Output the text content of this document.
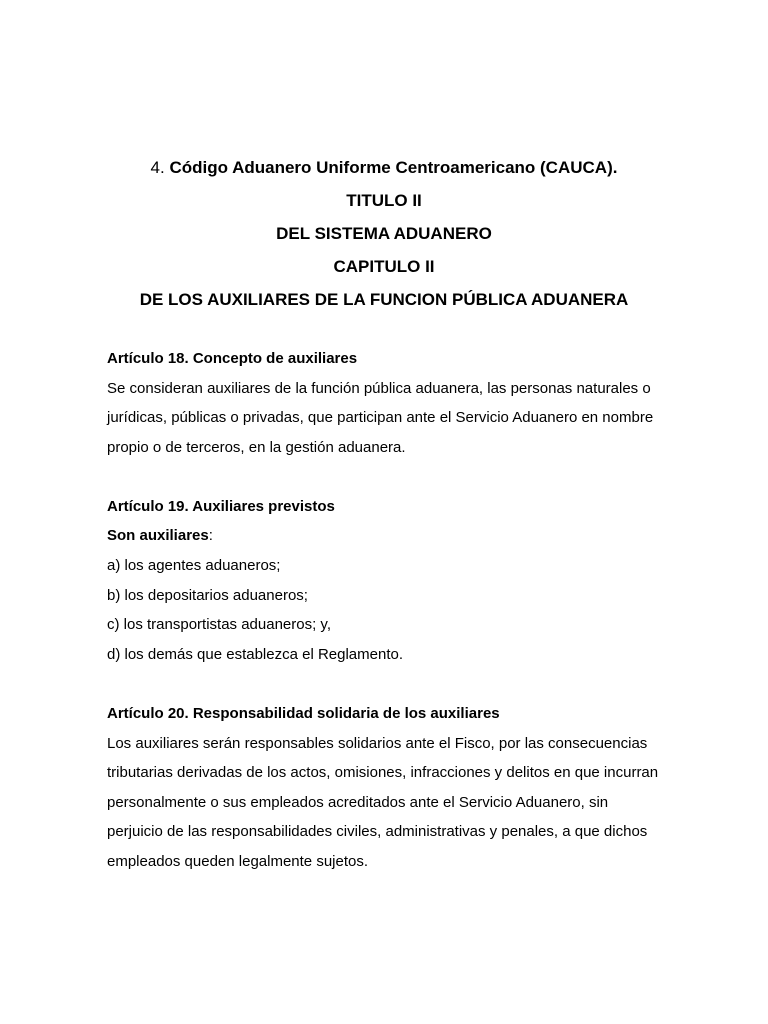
4. Código Aduanero Uniforme Centroamericano (CAUCA).
TITULO II
DEL SISTEMA ADUANERO
CAPITULO II
DE LOS AUXILIARES DE LA FUNCION PÚBLICA ADUANERA
Artículo 18. Concepto de auxiliares
Se consideran auxiliares de la función pública aduanera, las personas naturales o
jurídicas, públicas o privadas, que participan ante el Servicio Aduanero en nombre
propio o de terceros, en la gestión aduanera.
Artículo 19. Auxiliares previstos
Son auxiliares:
a) los agentes aduaneros;
b) los depositarios aduaneros;
c) los transportistas aduaneros; y,
d) los demás que establezca el Reglamento.
Artículo 20. Responsabilidad solidaria de los auxiliares
Los auxiliares serán responsables solidarios ante el Fisco, por las consecuencias
tributarias derivadas de los actos, omisiones, infracciones y delitos en que incurran
personalmente o sus empleados acreditados ante el Servicio Aduanero, sin
perjuicio de las responsabilidades civiles, administrativas y penales, a que dichos
empleados queden legalmente sujetos.
